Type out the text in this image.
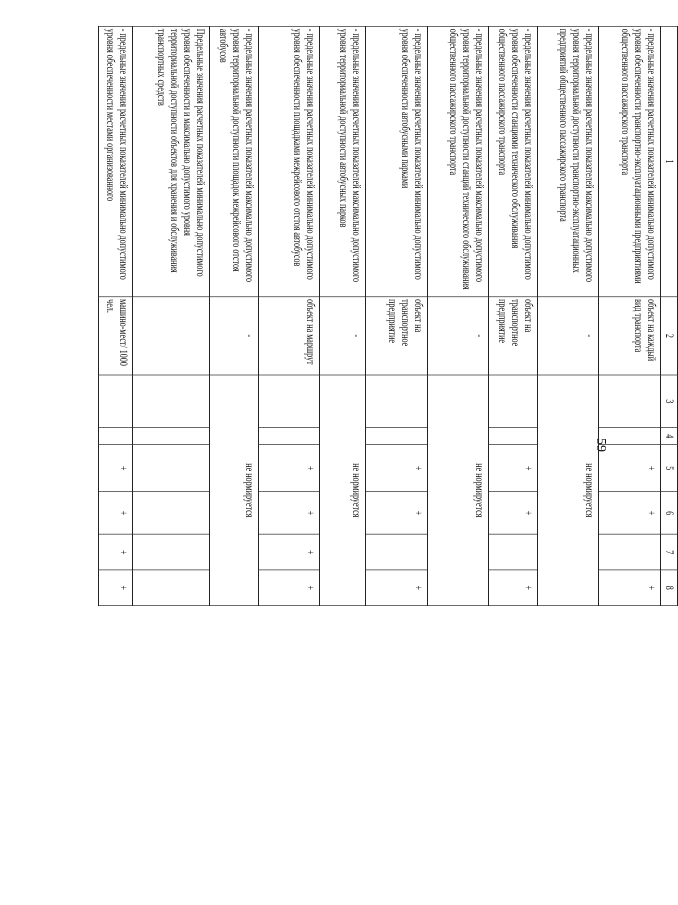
59
1	2	3	4	5	6	7	8
- предельные значения расчетных показателей минимально допустимого уровня обеспеченности транспортно-эксплуатационными предприятиями общественного пассажирского транспорта	объект на каждый вид транспорта			+	+		+
- предельные значения расчетных показателей максимально допустимого уровня территориальной доступности транспортно-эксплуатационных предприятий общественного пассажирского транспорта	-	не нормируется					
- предельные значения расчетных показателей минимально допустимого уровня обеспеченности станциями технического обслуживания общественного пассажирского транспорта	объект на транспортное предприятие			+	+		+
- предельные значения расчетных показателей максимально допустимого уровня территориальной доступности станций технического обслуживания общественного пассажирского транспорта	-	не нормируется					
- предельные значения расчетных показателей минимально допустимого уровня обеспеченности автобусными парками	объект на транспортное предприятие			+	+		+
- предельные значения расчетных показателей максимально допустимого уровня территориальной доступности автобусных парков	-	не нормируется					
- предельные значения расчетных показателей минимально допустимого уровня обеспеченности площадками межрейсового отстоя автобусов	объект на маршрут			+	+	+	+
- предельные значения расчетных показателей максимально допустимого уровня территориальной доступности площадок межрейсового отстоя автобусов	-	не нормируется					
Предельные значения расчетных показателей минимально допустимого уровня обеспеченности и максимально допустимого уровня территориальной доступности объектов для хранения и обслуживания транспортных средств							
- предельные значения расчетных показателей минимально допустимого уровня обеспеченности местами организованного	машино-мест/ 1000 чел.			+	+	+	+
